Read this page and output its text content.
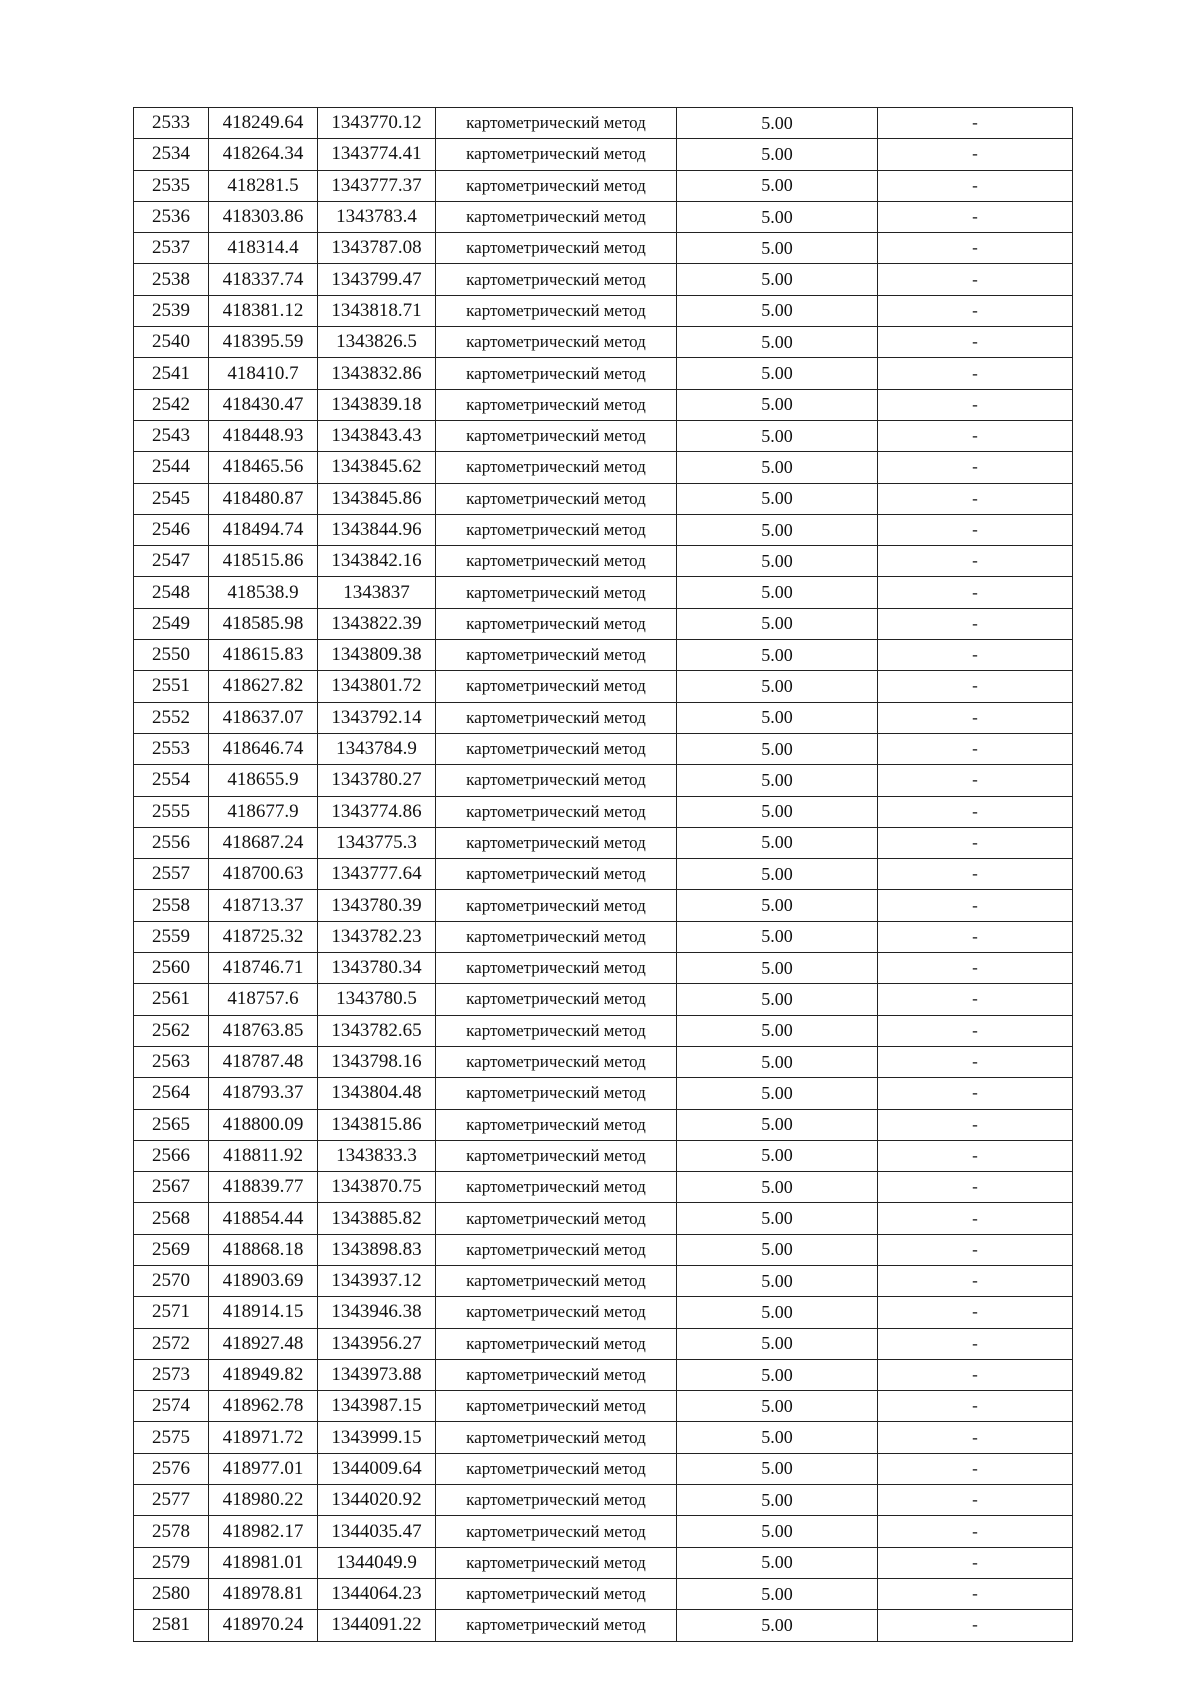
2533	418249.64	1343770.12	картометрический метод	5.00	-
2534	418264.34	1343774.41	картометрический метод	5.00	-
2535	418281.5	1343777.37	картометрический метод	5.00	-
2536	418303.86	1343783.4	картометрический метод	5.00	-
2537	418314.4	1343787.08	картометрический метод	5.00	-
2538	418337.74	1343799.47	картометрический метод	5.00	-
2539	418381.12	1343818.71	картометрический метод	5.00	-
2540	418395.59	1343826.5	картометрический метод	5.00	-
2541	418410.7	1343832.86	картометрический метод	5.00	-
2542	418430.47	1343839.18	картометрический метод	5.00	-
2543	418448.93	1343843.43	картометрический метод	5.00	-
2544	418465.56	1343845.62	картометрический метод	5.00	-
2545	418480.87	1343845.86	картометрический метод	5.00	-
2546	418494.74	1343844.96	картометрический метод	5.00	-
2547	418515.86	1343842.16	картометрический метод	5.00	-
2548	418538.9	1343837	картометрический метод	5.00	-
2549	418585.98	1343822.39	картометрический метод	5.00	-
2550	418615.83	1343809.38	картометрический метод	5.00	-
2551	418627.82	1343801.72	картометрический метод	5.00	-
2552	418637.07	1343792.14	картометрический метод	5.00	-
2553	418646.74	1343784.9	картометрический метод	5.00	-
2554	418655.9	1343780.27	картометрический метод	5.00	-
2555	418677.9	1343774.86	картометрический метод	5.00	-
2556	418687.24	1343775.3	картометрический метод	5.00	-
2557	418700.63	1343777.64	картометрический метод	5.00	-
2558	418713.37	1343780.39	картометрический метод	5.00	-
2559	418725.32	1343782.23	картометрический метод	5.00	-
2560	418746.71	1343780.34	картометрический метод	5.00	-
2561	418757.6	1343780.5	картометрический метод	5.00	-
2562	418763.85	1343782.65	картометрический метод	5.00	-
2563	418787.48	1343798.16	картометрический метод	5.00	-
2564	418793.37	1343804.48	картометрический метод	5.00	-
2565	418800.09	1343815.86	картометрический метод	5.00	-
2566	418811.92	1343833.3	картометрический метод	5.00	-
2567	418839.77	1343870.75	картометрический метод	5.00	-
2568	418854.44	1343885.82	картометрический метод	5.00	-
2569	418868.18	1343898.83	картометрический метод	5.00	-
2570	418903.69	1343937.12	картометрический метод	5.00	-
2571	418914.15	1343946.38	картометрический метод	5.00	-
2572	418927.48	1343956.27	картометрический метод	5.00	-
2573	418949.82	1343973.88	картометрический метод	5.00	-
2574	418962.78	1343987.15	картометрический метод	5.00	-
2575	418971.72	1343999.15	картометрический метод	5.00	-
2576	418977.01	1344009.64	картометрический метод	5.00	-
2577	418980.22	1344020.92	картометрический метод	5.00	-
2578	418982.17	1344035.47	картометрический метод	5.00	-
2579	418981.01	1344049.9	картометрический метод	5.00	-
2580	418978.81	1344064.23	картометрический метод	5.00	-
2581	418970.24	1344091.22	картометрический метод	5.00	-
